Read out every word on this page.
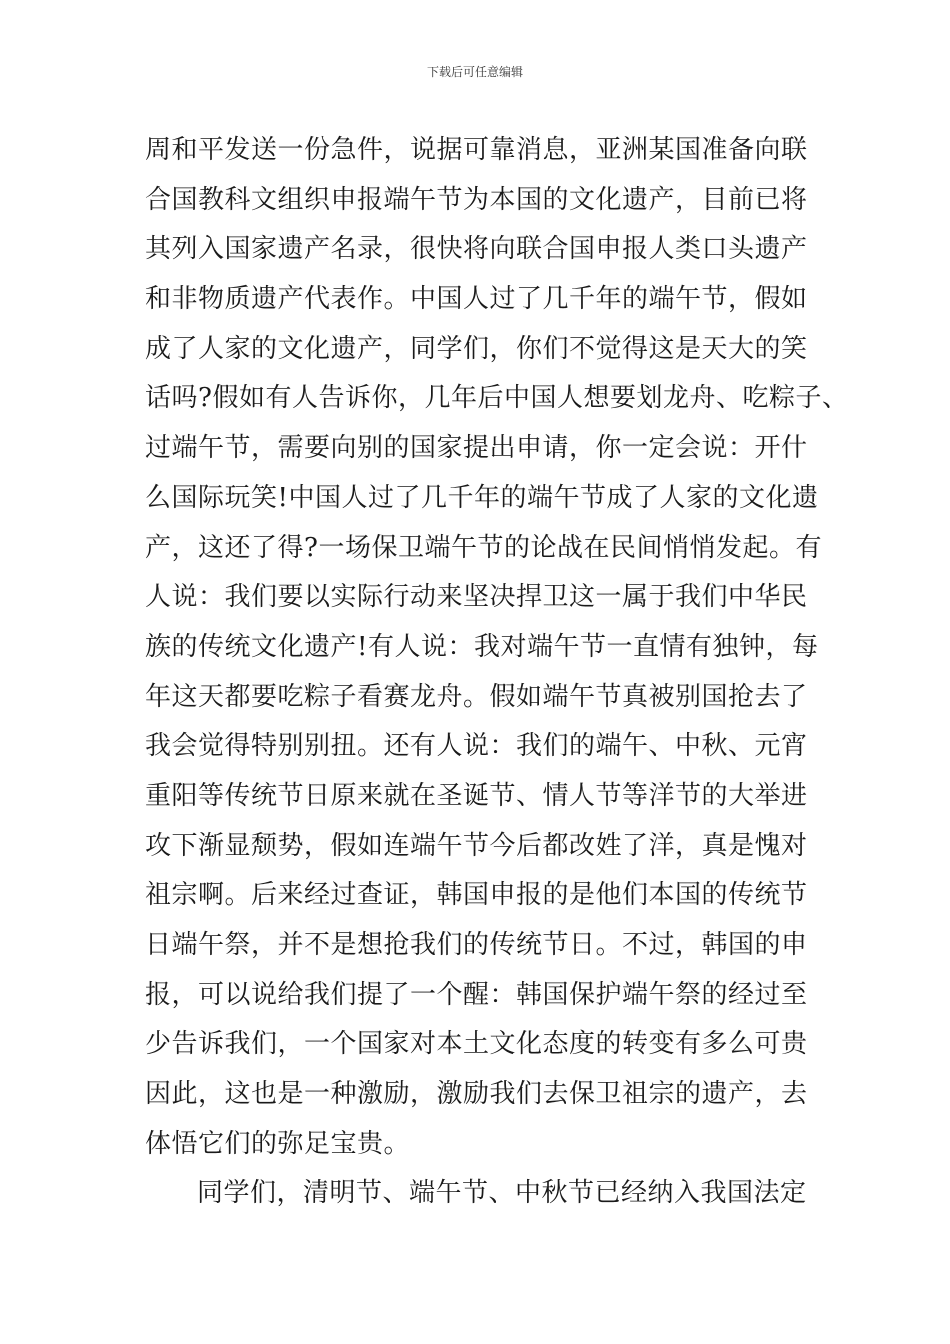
下载后可任意编辑
周和平发送一份急件，说据可靠消息，亚洲某国准备向联
合国教科文组织申报端午节为本国的文化遗产，目前已将
其列入国家遗产名录，很快将向联合国申报人类口头遗产
和非物质遗产代表作。中国人过了几千年的端午节，假如
成了人家的文化遗产，同学们，你们不觉得这是天大的笑
话吗?假如有人告诉你，几年后中国人想要划龙舟、吃粽子、
过端午节，需要向别的国家提出申请，你一定会说：开什
么国际玩笑!中国人过了几千年的端午节成了人家的文化遗
产，这还了得?一场保卫端午节的论战在民间悄悄发起。有
人说：我们要以实际行动来坚决捍卫这一属于我们中华民
族的传统文化遗产!有人说：我对端午节一直情有独钟，每
年这天都要吃粽子看赛龙舟。假如端午节真被别国抢去了
我会觉得特别别扭。还有人说：我们的端午、中秋、元宵
重阳等传统节日原来就在圣诞节、情人节等洋节的大举进
攻下渐显颓势，假如连端午节今后都改姓了洋，真是愧对
祖宗啊。后来经过查证，韩国申报的是他们本国的传统节
日端午祭，并不是想抢我们的传统节日。不过，韩国的申
报，可以说给我们提了一个醒：韩国保护端午祭的经过至
少告诉我们，一个国家对本土文化态度的转变有多么可贵
因此，这也是一种激励，激励我们去保卫祖宗的遗产，去
体悟它们的弥足宝贵。
同学们，清明节、端午节、中秋节已经纳入我国法定
